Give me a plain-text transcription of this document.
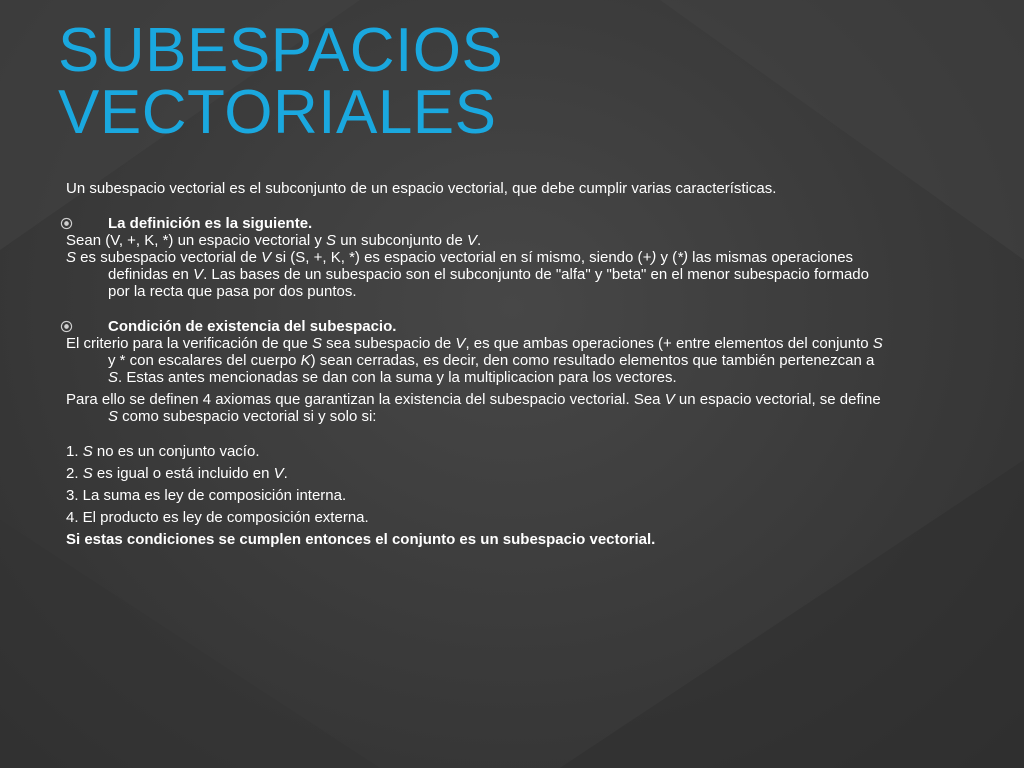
SUBESPACIOS
VECTORIALES

Un subespacio vectorial es el subconjunto de un espacio vectorial, que debe cumplir varias características.

La definición es la siguiente.

Sean (V, +, K, *) un espacio vectorial y S un subconjunto de V.

S es subespacio vectorial de V si (S, +, K, *) es espacio vectorial en sí mismo, siendo (+) y (*) las mismas operaciones definidas en V. Las bases de un subespacio son el subconjunto de "alfa" y "beta" en el menor subespacio formado por la recta que pasa por dos puntos.

Condición de existencia del subespacio.

El criterio para la verificación de que S sea subespacio de V, es que ambas operaciones (+ entre elementos del conjunto S y * con escalares del cuerpo K) sean cerradas, es decir, den como resultado elementos que también pertenezcan a S. Estas antes mencionadas se dan con la suma y la multiplicacion para los vectores.

Para ello se definen 4 axiomas que garantizan la existencia del subespacio vectorial. Sea V un espacio vectorial, se define S como subespacio vectorial si y solo si:

1. S no es un conjunto vacío.

2. S es igual o está incluido en V.

3. La suma es ley de composición interna.

4. El producto es ley de composición externa.

Si estas condiciones se cumplen entonces el conjunto es un subespacio vectorial.
